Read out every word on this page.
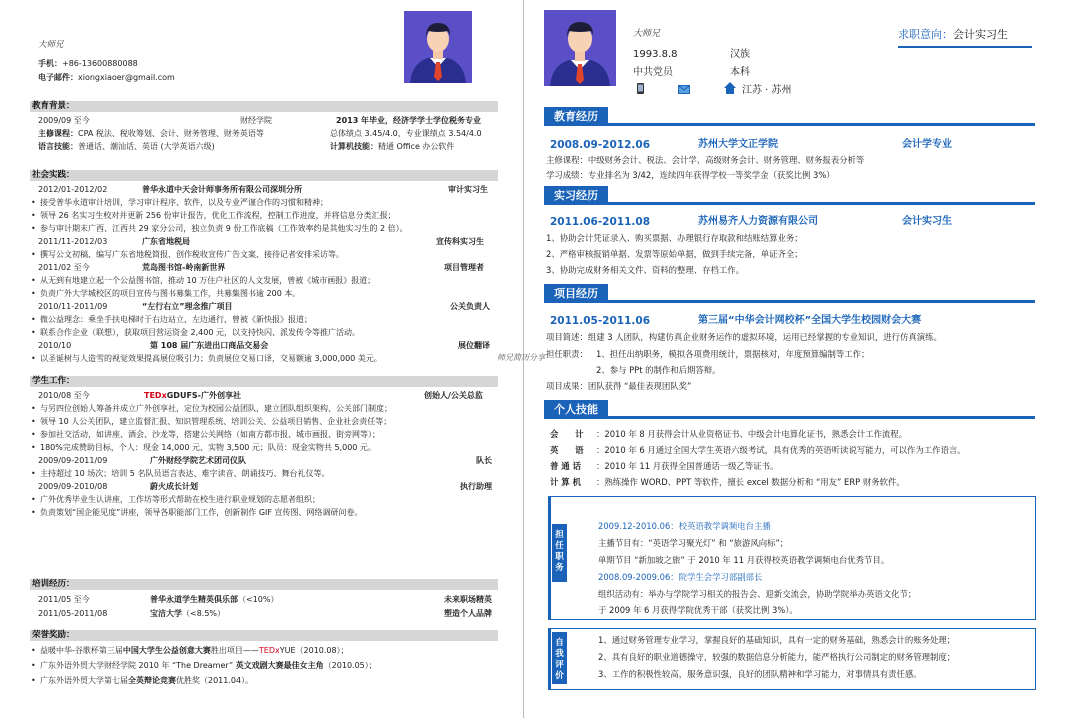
大师兄
手机：+86-13600880088
电子邮件：xiongxiaoer@gmail.com
教育背景：
2009/09 至今	财经学院	2013 年毕业，经济学学士学位税务专业
主修课程：CPA 税法、税收筹划、会计、财务管理、财务英语等	总体绩点 3.45/4.0，专业课绩点 3.54/4.0
语言技能：普通话、潮汕话、英语 (大学英语六级)	计算机技能：精通 Office 办公软件
社会实践：
2012/01-2012/02	普华永道中天会计师事务所有限公司深圳分所	审计实习生
• 接受普华永道审计培训，学习审计程序、软件，以及专业严谨合作的习惯和精神；
• 领导 26 名实习生校对并更新 256 份审计报告，优化工作流程，控制工作进度，并将信息分类汇报；
• 参与审计期末广西、江西共 29 家分公司，独立负责 9 份工作底稿（工作效率约是其他实习生的 2 倍）。
2011/11-2012/03	广东省地税局	宣传科实习生
• 撰写公文初稿、编写广东省地税简报、创作税收宣传广告文案、接待记者安排采访等。
2011/02 至今	荒岛图书馆-岭南新世界	项目管理者
• 从无到有地建立起一个公益图书馆，推动 10 万住户社区的人文发展，曾被《城市画报》报道；
• 负责广外大学城校区的项目宣传与图书募集工作，共募集图书逾 200 本。
2010/11-2011/09	“左行右立”理念推广项目	公关负责人
• 微公益理念：乘坐手扶电梯时于右边站立，左边通行，曾被《新快报》报道；
• 联系合作企业（联想），获取项目营运资金 2,400 元，以支持快闪、派发传令等推广活动。
2010/10	第 108 届广东进出口商品交易会	展位翻译
• 以圣诞树与人造雪的视觉效果提高展位吸引力；负责展位交易口译，交易额逾 3,000,000 美元。
学生工作：
2010/08 至今	TEDxGDUFS-广外创享社	创始人/公关总监
• 与另四位创始人筹备并成立广外创享社，定位为校园公益团队，建立团队组织架构、公关部门制度；
• 领导 10 人公关团队，建立监督汇报、知识管理系统、培训公关、公益项目销售、企业社会责任等；
• 参加社交活动，如讲座、酒会、沙龙等，搭建公关网络（如南方都市报、城市画报、街旁网等）；
• 180%完成赞助目标，个人：现金 14,000 元、实物 3,500 元；队员：现金实物共 5,000 元。
2009/09-2011/09	广外财经学院艺术团司仪队	队长
• 主持超过 10 场次；培训 5 名队员语言表达、难字读音、朗诵技巧、舞台礼仪等。
2009/09-2010/08	蔚火成长计划	执行助理
• 广外优秀毕业生认讲座，工作坊等形式帮助在校生进行职业规划的志愿者组织；
• 负责策划“国企能见度”讲座，领导各职能部门工作，创新制作 GIF 宣传图、网络调研问卷。
培训经历：
2011/05 至今	普华永道学生精英俱乐部（<10%）	未来职场精英
2011/05-2011/08	宝洁大学（<8.5%）	塑造个人品牌
荣誉奖励：
• 益暖中华-谷歌杯第三届中国大学生公益创意大赛胜出项目——TEDxYUE（2010.08）；
• 广东外语外贸大学财经学院 2010 年 “The Dreamer” 英文戏剧大赛最佳女主角（2010.05）；
• 广东外语外贸大学第七届全英辩论竞赛优胜奖（2011.04）。
师兄简历分享
大师兄
1993.8.8	汉族
中共党员	本科
江苏 · 苏州
求职意向：会计实习生
教育经历
2008.09-2012.06	苏州大学文正学院	会计学专业
主修课程：中级财务会计、税法、会计学、高级财务会计、财务管理、财务报表分析等
学习成绩：专业排名为 3/42，连续四年获得学校一等奖学金（获奖比例 3%）
实习经历
2011.06-2011.08	苏州易齐人力资源有限公司	会计实习生
1、协助会计凭证录入、购买票据、办理银行存取款和结账结算业务；
2、严格审核报销单据、发票等原始单据，做到手续完备，单证齐全；
3、协助完成财务相关文件、资料的整理、存档工作。
项目经历
2011.05-2011.06	第三届“中华会计网校杯”全国大学生校园财会大赛
项目简述：组建 3 人团队，构建仿真企业财务运作的虚拟环境，运用已经掌握的专业知识，进行仿真演练。
担任职责： 1、担任出纳职务，模拟各项费用统计，票据核对，年度预算编制等工作；
2、参与 PPt 的制作和后期答辩。
项目成果：团队获得 “最佳表现团队奖”
个人技能
会　　计 ：2010 年 8 月获得会计从业资格证书、中级会计电算化证书，熟悉会计工作流程。
英　　语 ：2010 年 6 月通过全国大学生英语六级考试，具有优秀的英语听读说写能力，可以作为工作语言。
普 通 话 ：2010 年 11 月获得全国普通话一级乙等证书。
计 算 机 ：熟练操作 WORD、PPT 等软件，擅长 excel 数据分析和 “用友” ERP 财务软件。
担任职务
2009.12-2010.06：校英语教学调频电台主播
主播节目有：“英语学习聚光灯” 和 “旅游风向标”；
单期节目 “新加坡之旅” 于 2010 年 11 月获得校英语教学调频电台优秀节目。
2008.09-2009.06：院学生会学习部副部长
组织活动有：举办与学院学习相关的报告会、迎新交流会，协助学院举办英语文化节；
于 2009 年 6 月获得学院优秀干部（获奖比例 3%）。
自我评价
1、通过财务管理专业学习，掌握良好的基础知识，具有一定的财务基础，熟悉会计的账务处理；
2、具有良好的职业道德操守，较强的数据信息分析能力，能严格执行公司制定的财务管理制度；
3、工作的积极性较高，服务意识强，良好的团队精神和学习能力，对事情具有责任感。
